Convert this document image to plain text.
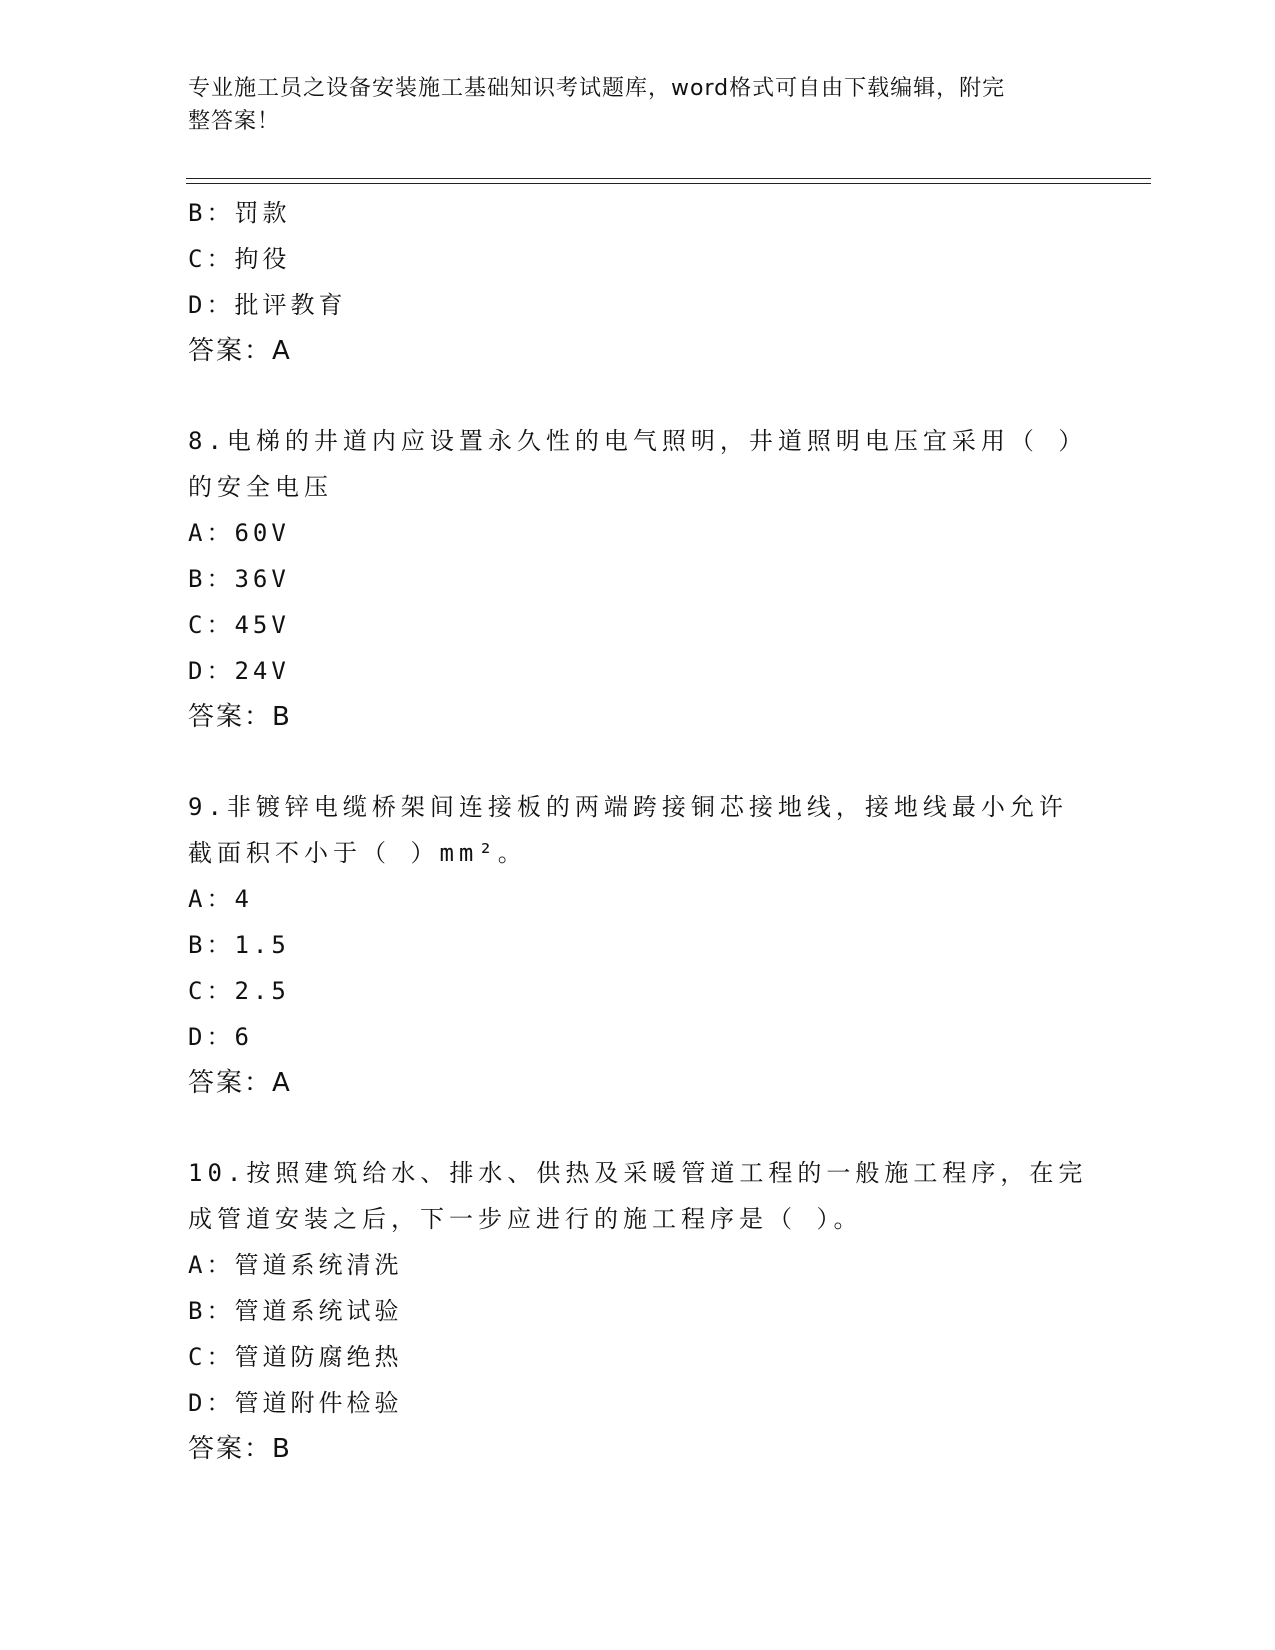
专业施工员之设备安装施工基础知识考试题库，word格式可自由下载编辑，附完
整答案！
B：罚款
C：拘役
D：批评教育
答案：A
8.电梯的井道内应设置永久性的电气照明，井道照明电压宜采用（ ）
的安全电压
A：60V
B：36V
C：45V
D：24V
答案：B
9.非镀锌电缆桥架间连接板的两端跨接铜芯接地线，接地线最小允许
截面积不小于（ ）mm²。
A：4
B：1.5
C：2.5
D：6
答案：A
10.按照建筑给水、排水、供热及采暖管道工程的一般施工程序，在完
成管道安装之后，下一步应进行的施工程序是（ ）。
A：管道系统清洗
B：管道系统试验
C：管道防腐绝热
D：管道附件检验
答案：B
